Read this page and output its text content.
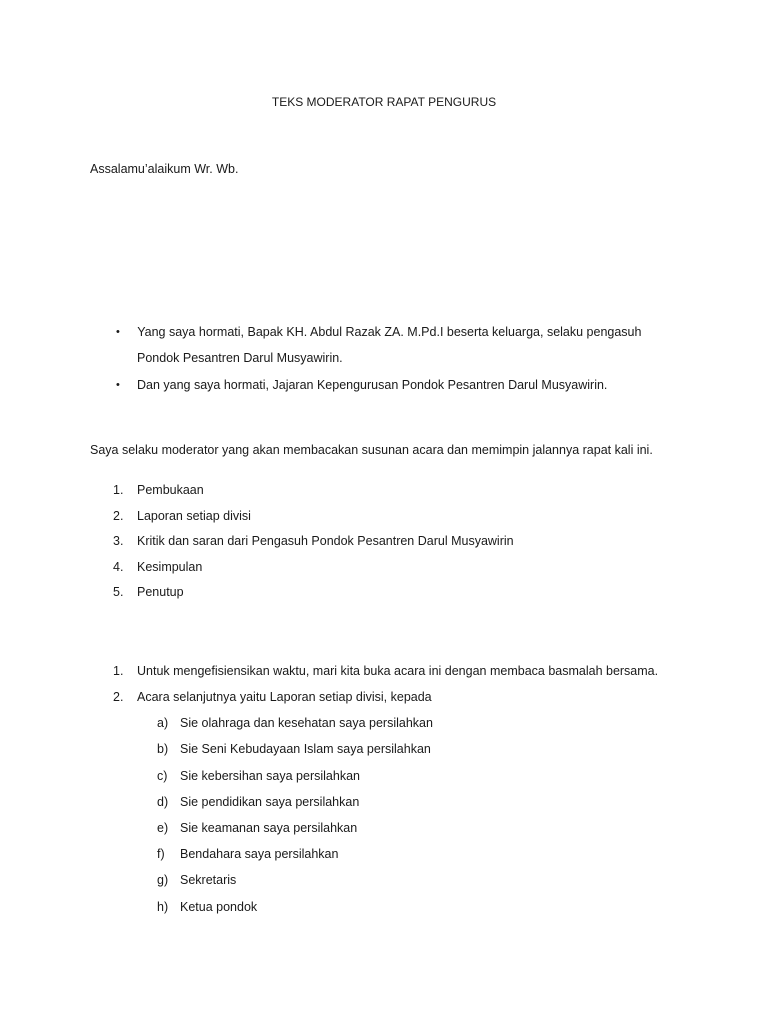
TEKS MODERATOR RAPAT PENGURUS
Assalamu’alaikum Wr. Wb.
• Yang saya hormati, Bapak KH. Abdul Razak ZA. M.Pd.I beserta keluarga, selaku pengasuh
Pondok Pesantren Darul Musyawirin.
• Dan yang saya hormati, Jajaran Kepengurusan Pondok Pesantren Darul Musyawirin.
Saya selaku moderator yang akan membacakan susunan acara dan memimpin jalannya rapat kali ini.
1. Pembukaan
2. Laporan setiap divisi
3. Kritik dan saran dari Pengasuh Pondok Pesantren Darul Musyawirin
4. Kesimpulan
5. Penutup
1. Untuk mengefisiensikan waktu, mari kita buka acara ini dengan membaca basmalah bersama.
2. Acara selanjutnya yaitu Laporan setiap divisi, kepada
a) Sie olahraga dan kesehatan saya persilahkan
b) Sie Seni Kebudayaan Islam saya persilahkan
c) Sie kebersihan saya persilahkan
d) Sie pendidikan saya persilahkan
e) Sie keamanan saya persilahkan
f) Bendahara saya persilahkan
g) Sekretaris
h) Ketua pondok
